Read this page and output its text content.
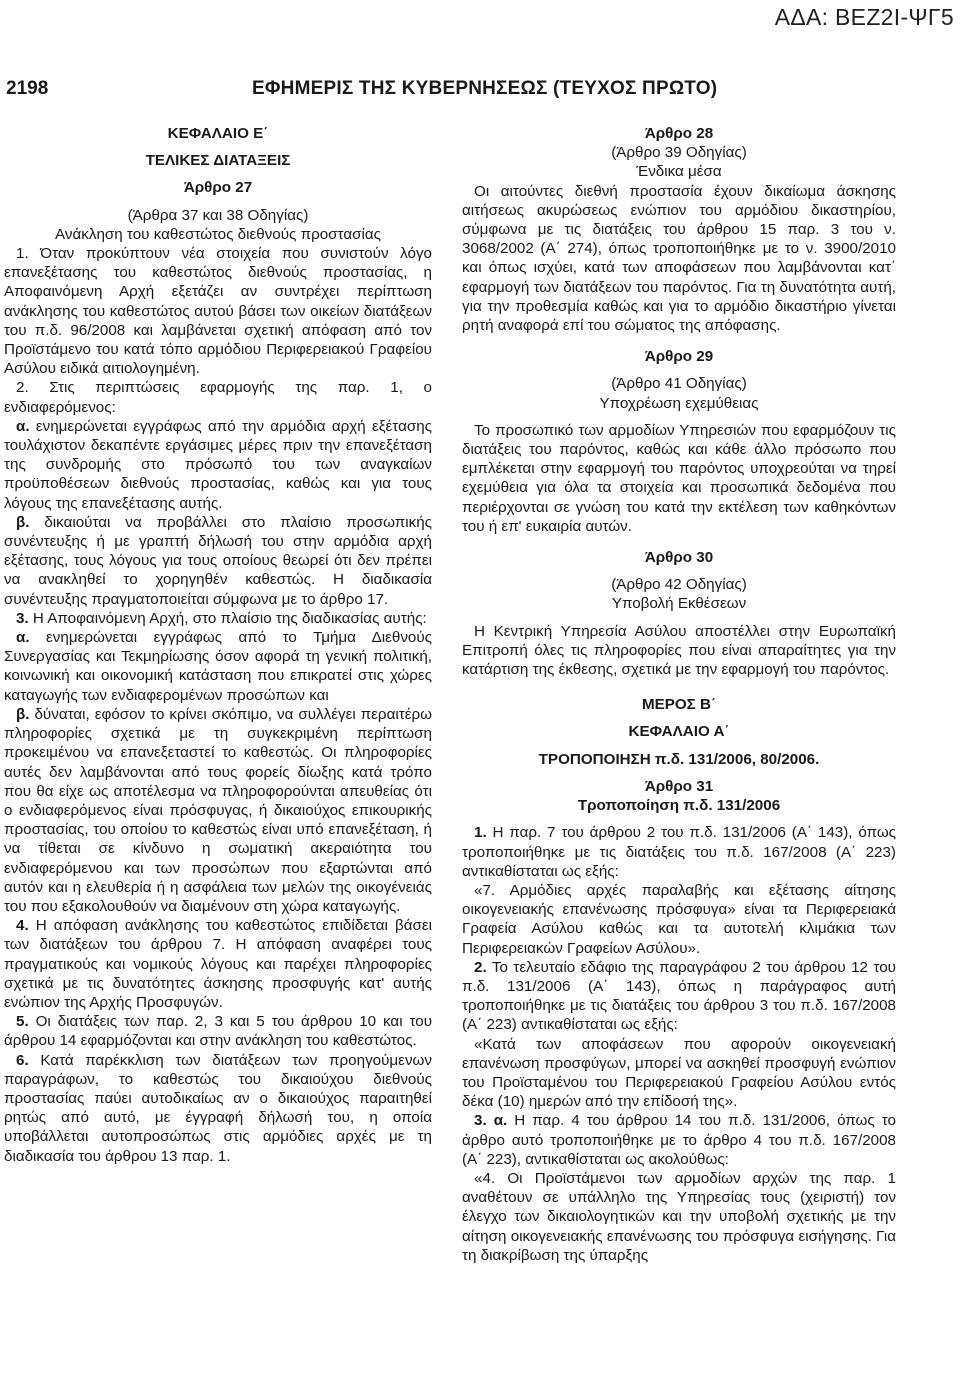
ΑΔΑ: ΒΕΖ2Ι-ΨΓ5
2198	ΕΦΗΜΕΡΙΣ ΤΗΣ ΚΥΒΕΡΝΗΣΕΩΣ (ΤΕΥΧΟΣ ΠΡΩΤΟ)

ΚΕΦΑΛΑΙΟ Ε΄

ΤΕΛΙΚΕΣ ΔΙΑΤΑΞΕΙΣ

Άρθρο 27

(Άρθρα 37 και 38 Οδηγίας)

Ανάκληση του καθεστώτος διεθνούς προστασίας

1. Όταν προκύπτουν νέα στοιχεία που συνιστούν λόγο επανεξέτασης του καθεστώτος διεθνούς προστασίας, η Αποφαινόμενη Αρχή εξετάζει αν συντρέχει περίπτωση ανάκλησης του καθεστώτος αυτού βάσει των οικείων διατάξεων του π.δ. 96/2008 και λαμβάνεται σχετική απόφαση από τον Προϊστάμενο του κατά τόπο αρμόδιου Περιφερειακού Γραφείου Ασύλου ειδικά αιτιολογημένη.

2. Στις περιπτώσεις εφαρμογής της παρ. 1, ο ενδιαφερόμενος:

α. ενημερώνεται εγγράφως από την αρμόδια αρχή εξέτασης τουλάχιστον δεκαπέντε εργάσιμες μέρες πριν την επανεξέταση της συνδρομής στο πρόσωπό του των αναγκαίων προϋποθέσεων διεθνούς προστασίας, καθώς και για τους λόγους της επανεξέτασης αυτής.

β. δικαιούται να προβάλλει στο πλαίσιο προσωπικής συνέντευξης ή με γραπτή δήλωσή του στην αρμόδια αρχή εξέτασης, τους λόγους για τους οποίους θεωρεί ότι δεν πρέπει να ανακληθεί το χορηγηθέν καθεστώς. Η διαδικασία συνέντευξης πραγματοποιείται σύμφωνα με το άρθρο 17.

3. Η Αποφαινόμενη Αρχή, στο πλαίσιο της διαδικασίας αυτής:

α. ενημερώνεται εγγράφως από το Τμήμα Διεθνούς Συνεργασίας και Τεκμηρίωσης όσον αφορά τη γενική πολιτική, κοινωνική και οικονομική κατάσταση που επικρατεί στις χώρες καταγωγής των ενδιαφερομένων προσώπων και

β. δύναται, εφόσον το κρίνει σκόπιμο, να συλλέγει περαιτέρω πληροφορίες σχετικά με τη συγκεκριμένη περίπτωση προκειμένου να επανεξεταστεί το καθεστώς. Οι πληροφορίες αυτές δεν λαμβάνονται από τους φορείς δίωξης κατά τρόπο που θα είχε ως αποτέλεσμα να πληροφορούνται απευθείας ότι ο ενδιαφερόμενος είναι πρόσφυγας, ή δικαιούχος επικουρικής προστασίας, του οποίου το καθεστώς είναι υπό επανεξέταση, ή να τίθεται σε κίνδυνο η σωματική ακεραιότητα του ενδιαφερόμενου και των προσώπων που εξαρτώνται από αυτόν και η ελευθερία ή η ασφάλεια των μελών της οικογένειάς του που εξακολουθούν να διαμένουν στη χώρα καταγωγής.

4. Η απόφαση ανάκλησης του καθεστώτος επιδίδεται βάσει των διατάξεων του άρθρου 7. Η απόφαση αναφέρει τους πραγματικούς και νομικούς λόγους και παρέχει πληροφορίες σχετικά με τις δυνατότητες άσκησης προσφυγής κατ' αυτής ενώπιον της Αρχής Προσφυγών.

5. Οι διατάξεις των παρ. 2, 3 και 5 του άρθρου 10 και του άρθρου 14 εφαρμόζονται και στην ανάκληση του καθεστώτος.

6. Κατά παρέκκλιση των διατάξεων των προηγούμενων παραγράφων, το καθεστώς του δικαιούχου διεθνούς προστασίας παύει αυτοδικαίως αν ο δικαιούχος παραιτηθεί ρητώς από αυτό, με έγγραφή δήλωσή του, η οποία υποβάλλεται αυτοπροσώπως στις αρμόδιες αρχές με τη διαδικασία του άρθρου 13 παρ. 1.

Άρθρο 28

(Άρθρο 39 Οδηγίας)

Ένδικα μέσα

Οι αιτούντες διεθνή προστασία έχουν δικαίωμα άσκησης αιτήσεως ακυρώσεως ενώπιον του αρμόδιου δικαστηρίου, σύμφωνα με τις διατάξεις του άρθρου 15 παρ. 3 του ν. 3068/2002 (Α΄ 274), όπως τροποποιήθηκε με το ν. 3900/2010 και όπως ισχύει, κατά των αποφάσεων που λαμβάνονται κατ΄ εφαρμογή των διατάξεων του παρόντος. Για τη δυνατότητα αυτή, για την προθεσμία καθώς και για το αρμόδιο δικαστήριο γίνεται ρητή αναφορά επί του σώματος της απόφασης.

Άρθρο 29

(Άρθρο 41 Οδηγίας)

Υποχρέωση εχεμύθειας

Το προσωπικό των αρμοδίων Υπηρεσιών που εφαρμόζουν τις διατάξεις του παρόντος, καθώς και κάθε άλλο πρόσωπο που εμπλέκεται στην εφαρμογή του παρόντος υποχρεούται να τηρεί εχεμύθεια για όλα τα στοιχεία και προσωπικά δεδομένα που περιέρχονται σε γνώση του κατά την εκτέλεση των καθηκόντων του ή επ' ευκαιρία αυτών.

Άρθρο 30

(Άρθρο 42 Οδηγίας)

Υποβολή Εκθέσεων

Η Κεντρική Υπηρεσία Ασύλου αποστέλλει στην Ευρωπαϊκή Επιτροπή όλες τις πληροφορίες που είναι απαραίτητες για την κατάρτιση της έκθεσης, σχετικά με την εφαρμογή του παρόντος.

ΜΕΡΟΣ Β΄

ΚΕΦΑΛΑΙΟ Α΄

ΤΡΟΠΟΠΟΙΗΣΗ π.δ. 131/2006, 80/2006.

Άρθρο 31

Τροποποίηση π.δ. 131/2006

1. Η παρ. 7 του άρθρου 2 του π.δ. 131/2006 (Α΄ 143), όπως τροποποιήθηκε με τις διατάξεις του π.δ. 167/2008 (Α΄ 223) αντικαθίσταται ως εξής:

«7. Αρμόδιες αρχές παραλαβής και εξέτασης αίτησης οικογενειακής επανένωσης πρόσφυγα» είναι τα Περιφερειακά Γραφεία Ασύλου καθώς και τα αυτοτελή κλιμάκια των Περιφερειακών Γραφείων Ασύλου».

2. Το τελευταίο εδάφιο της παραγράφου 2 του άρθρου 12 του π.δ. 131/2006 (Α΄ 143), όπως η παράγραφος αυτή τροποποιήθηκε με τις διατάξεις του άρθρου 3 του π.δ. 167/2008 (Α΄ 223) αντικαθίσταται ως εξής:

«Κατά των αποφάσεων που αφορούν οικογενειακή επανένωση προσφύγων, μπορεί να ασκηθεί προσφυγή ενώπιον του Προϊσταμένου του Περιφερειακού Γραφείου Ασύλου εντός δέκα (10) ημερών από την επίδοσή της».

3. α. Η παρ. 4 του άρθρου 14 του π.δ. 131/2006, όπως το άρθρο αυτό τροποποιήθηκε με το άρθρο 4 του π.δ. 167/2008 (Α΄ 223), αντικαθίσταται ως ακολούθως:

«4. Οι Προϊστάμενοι των αρμοδίων αρχών της παρ. 1 αναθέτουν σε υπάλληλο της Υπηρεσίας τους (χειριστή) τον έλεγχο των δικαιολογητικών και την υποβολή σχετικής με την αίτηση οικογενειακής επανένωσης του πρόσφυγα εισήγησης. Για τη διακρίβωση της ύπαρξης
